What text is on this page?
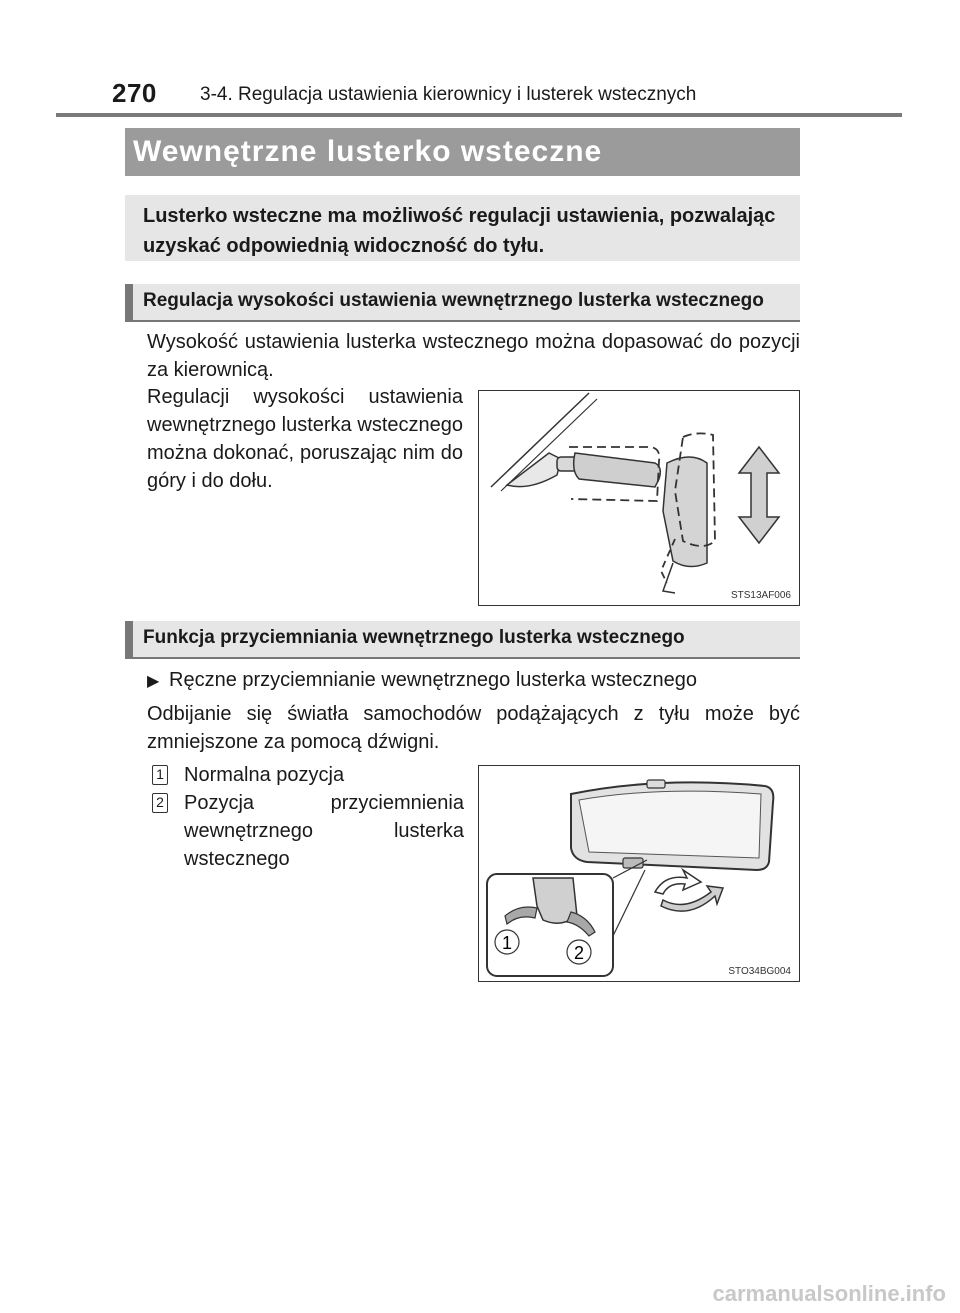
270 3-4. Regulacja ustawienia kierownicy i lusterek wstecznych
Wewnętrzne lusterko wsteczne
Lusterko wsteczne ma możliwość regulacji ustawienia, pozwalając uzyskać odpowiednią widoczność do tyłu.
Regulacja wysokości ustawienia wewnętrznego lusterka wstecznego
Wysokość ustawienia lusterka wstecznego można dopasować do pozycji za kierownicą.
Regulacji wysokości ustawienia wewnętrznego lusterka wstecznego można dokonać, poruszając nim do góry i do dołu.
STS13AF006
Funkcja przyciemniania wewnętrznego lusterka wstecznego
▶ Ręczne przyciemnianie wewnętrznego lusterka wstecznego
Odbijanie się światła samochodów podążających z tyłu może być zmniejszone za pomocą dźwigni.
1 Normalna pozycja
2 Pozycja przyciemnienia wewnętrznego lusterka wstecznego
1	2
STO34BG004
carmanualsonline.info
